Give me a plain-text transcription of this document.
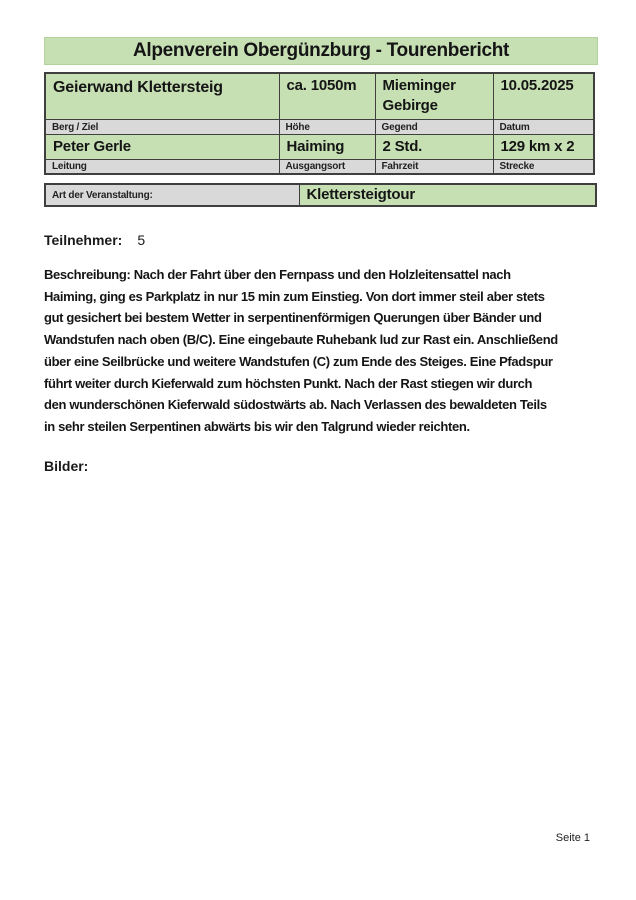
Alpenverein Obergünzburg - Tourenbericht
Geierwand Klettersteig	ca. 1050m	Mieminger Gebirge	10.05.2025
Berg / Ziel	Höhe	Gegend	Datum
Peter Gerle	Haiming	2 Std.	129 km x 2
Leitung	Ausgangsort	Fahrzeit	Strecke
Art der Veranstaltung:	Klettersteigtour
Teilnehmer: 5
Beschreibung: Nach der Fahrt über den Fernpass und den Holzleitensattel nach
Haiming, ging es Parkplatz in nur 15 min zum Einstieg. Von dort immer steil aber stets
gut gesichert bei bestem Wetter in serpentinenförmigen Querungen über Bänder und
Wandstufen nach oben (B/C). Eine eingebaute Ruhebank lud zur Rast ein. Anschließend
über eine Seilbrücke und weitere Wandstufen (C) zum Ende des Steiges. Eine Pfadspur
führt weiter durch Kieferwald zum höchsten Punkt. Nach der Rast stiegen wir durch
den wunderschönen Kieferwald südostwärts ab. Nach Verlassen des bewaldeten Teils
in sehr steilen Serpentinen abwärts bis wir den Talgrund wieder reichten.
Bilder:
Seite 1
